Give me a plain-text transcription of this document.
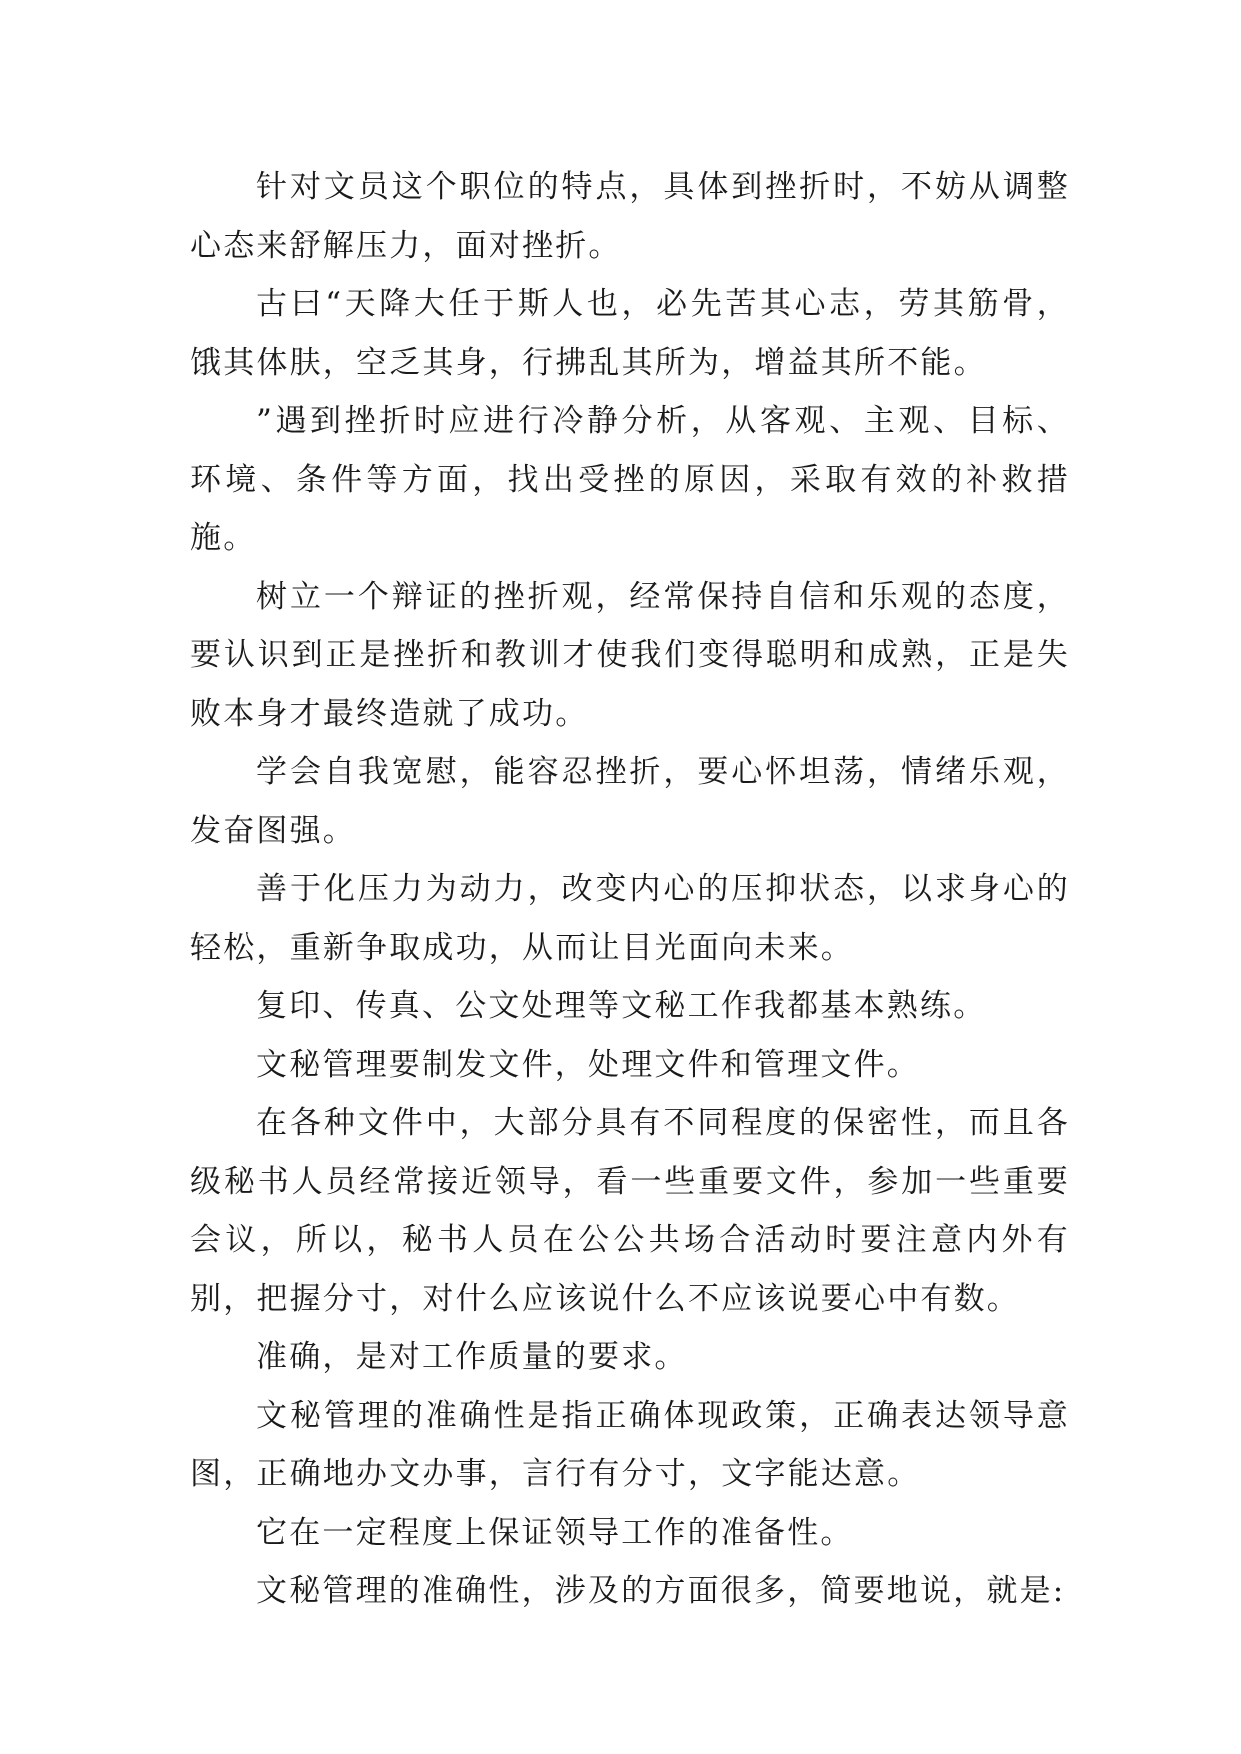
针对文员这个职位的特点，具体到挫折时，不妨从调整心态来舒解压力，面对挫折。

古曰“天降大任于斯人也，必先苦其心志，劳其筋骨，饿其体肤，空乏其身，行拂乱其所为，增益其所不能。

”遇到挫折时应进行冷静分析，从客观、主观、目标、环境、条件等方面，找出受挫的原因，采取有效的补救措施。

树立一个辩证的挫折观，经常保持自信和乐观的态度，要认识到正是挫折和教训才使我们变得聪明和成熟，正是失败本身才最终造就了成功。

学会自我宽慰，能容忍挫折，要心怀坦荡，情绪乐观，发奋图强。

善于化压力为动力，改变内心的压抑状态，以求身心的轻松，重新争取成功，从而让目光面向未来。

复印、传真、公文处理等文秘工作我都基本熟练。

文秘管理要制发文件，处理文件和管理文件。

在各种文件中，大部分具有不同程度的保密性，而且各级秘书人员经常接近领导，看一些重要文件，参加一些重要会议，所以，秘书人员在公公共场合活动时要注意内外有别，把握分寸，对什么应该说什么不应该说要心中有数。

准确，是对工作质量的要求。

文秘管理的准确性是指正确体现政策，正确表达领导意图，正确地办文办事，言行有分寸，文字能达意。

它在一定程度上保证领导工作的准备性。

文秘管理的准确性，涉及的方面很多，简要地说，就是:
